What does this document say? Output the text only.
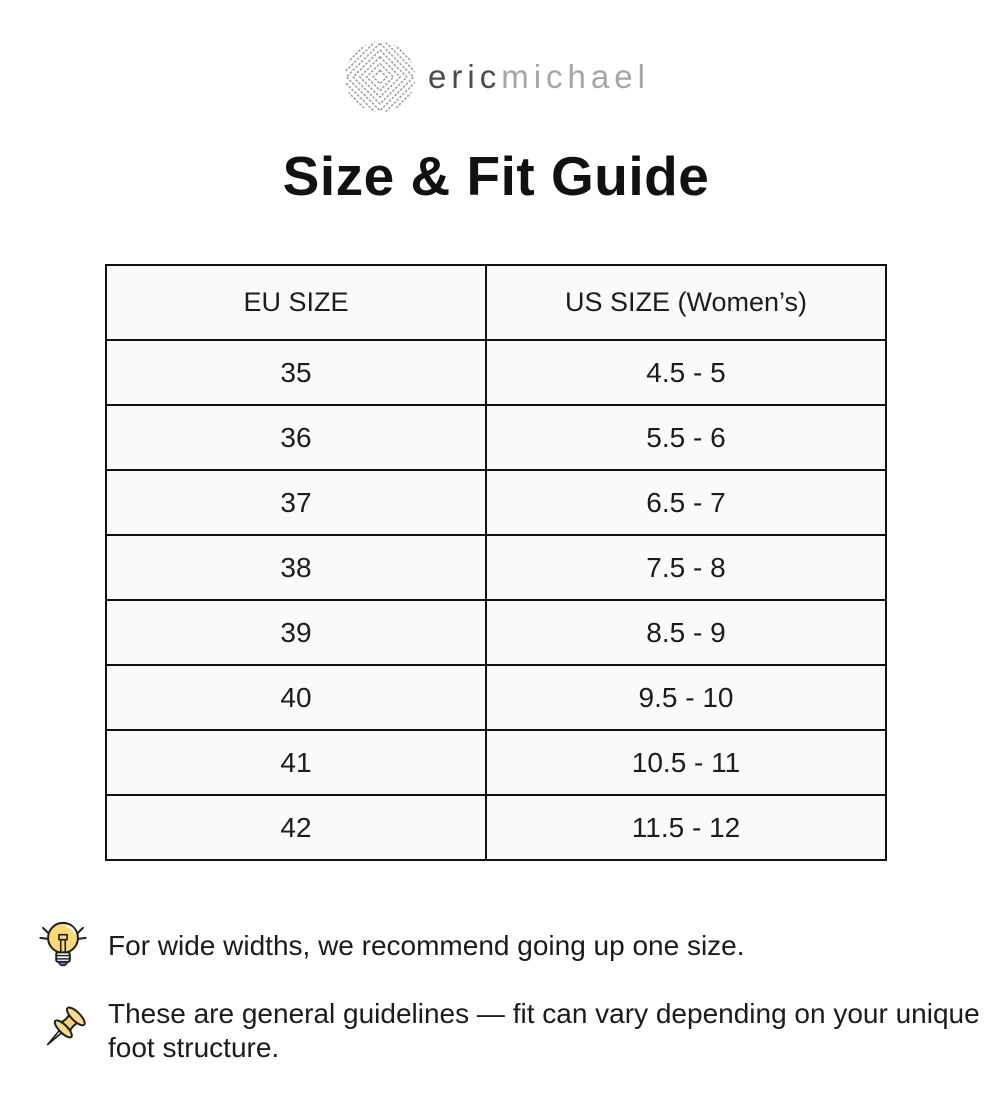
ericmichael
Size & Fit Guide
EU SIZE	US SIZE (Women’s)
35	4.5 - 5
36	5.5 - 6
37	6.5 - 7
38	7.5 - 8
39	8.5 - 9
40	9.5 - 10
41	10.5 - 11
42	11.5 - 12

For wide widths, we recommend going up one size.

These are general guidelines — fit can vary depending on your unique foot structure.
